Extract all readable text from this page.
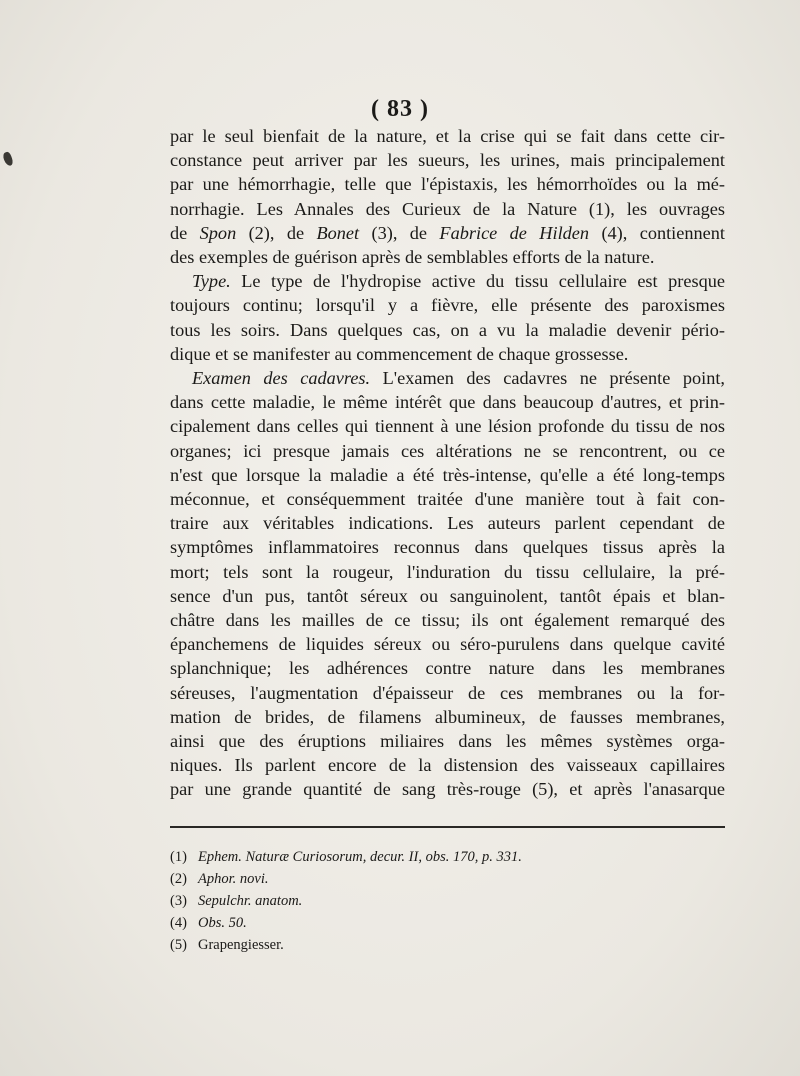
( 83 )
par le seul bienfait de la nature, et la crise qui se fait dans cette cir-
constance peut arriver par les sueurs, les urines, mais principalement
par une hémorrhagie, telle que l'épistaxis, les hémorrhoïdes ou la mé-
norrhagie. Les Annales des Curieux de la Nature (1), les ouvrages
de Spon (2), de Bonet (3), de Fabrice de Hilden (4), contiennent
des exemples de guérison après de semblables efforts de la nature.
Type. Le type de l'hydropise active du tissu cellulaire est presque
toujours continu; lorsqu'il y a fièvre, elle présente des paroxismes
tous les soirs. Dans quelques cas, on a vu la maladie devenir pério-
dique et se manifester au commencement de chaque grossesse.
Examen des cadavres. L'examen des cadavres ne présente point,
dans cette maladie, le même intérêt que dans beaucoup d'autres, et prin-
cipalement dans celles qui tiennent à une lésion profonde du tissu de nos
organes; ici presque jamais ces altérations ne se rencontrent, ou ce
n'est que lorsque la maladie a été très-intense, qu'elle a été long-temps
méconnue, et conséquemment traitée d'une manière tout à fait con-
traire aux véritables indications. Les auteurs parlent cependant de
symptômes inflammatoires reconnus dans quelques tissus après la
mort; tels sont la rougeur, l'induration du tissu cellulaire, la pré-
sence d'un pus, tantôt séreux ou sanguinolent, tantôt épais et blan-
châtre dans les mailles de ce tissu; ils ont également remarqué des
épanchemens de liquides séreux ou séro-purulens dans quelque cavité
splanchnique; les adhérences contre nature dans les membranes
séreuses, l'augmentation d'épaisseur de ces membranes ou la for-
mation de brides, de filamens albumineux, de fausses membranes,
ainsi que des éruptions miliaires dans les mêmes systèmes orga-
niques. Ils parlent encore de la distension des vaisseaux capillaires
par une grande quantité de sang très-rouge (5), et après l'anasarque
(1) Ephem. Naturæ Curiosorum, decur. II, obs. 170, p. 331.
(2) Aphor. novi.
(3) Sepulchr. anatom.
(4) Obs. 50.
(5) Grapengiesser.
